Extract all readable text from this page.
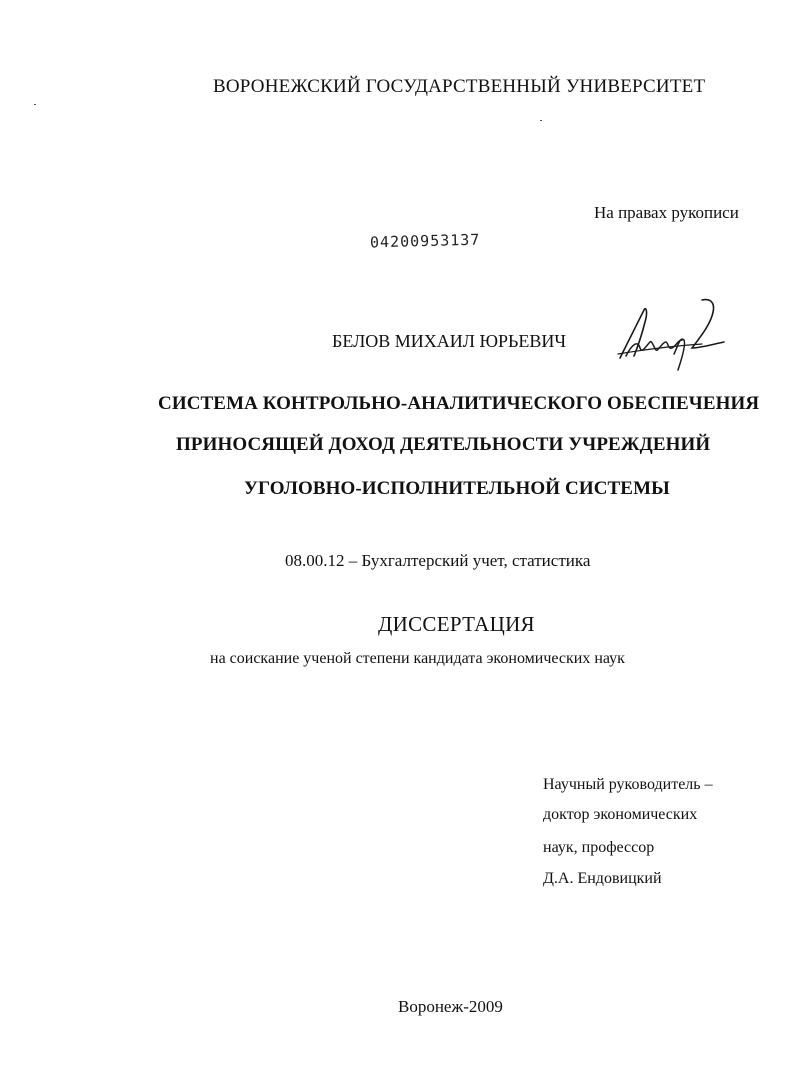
ВОРОНЕЖСКИЙ ГОСУДАРСТВЕННЫЙ УНИВЕРСИТЕТ
На правах рукописи
04200953137
БЕЛОВ МИХАИЛ ЮРЬЕВИЧ
СИСТЕМА КОНТРОЛЬНО-АНАЛИТИЧЕСКОГО ОБЕСПЕЧЕНИЯ
ПРИНОСЯЩЕЙ ДОХОД ДЕЯТЕЛЬНОСТИ УЧРЕЖДЕНИЙ
УГОЛОВНО-ИСПОЛНИТЕЛЬНОЙ СИСТЕМЫ
08.00.12 – Бухгалтерский учет, статистика
ДИССЕРТАЦИЯ
на соискание ученой степени кандидата экономических наук
Научный руководитель –
доктор экономических
наук, профессор
Д.А. Ендовицкий
Воронеж-2009
